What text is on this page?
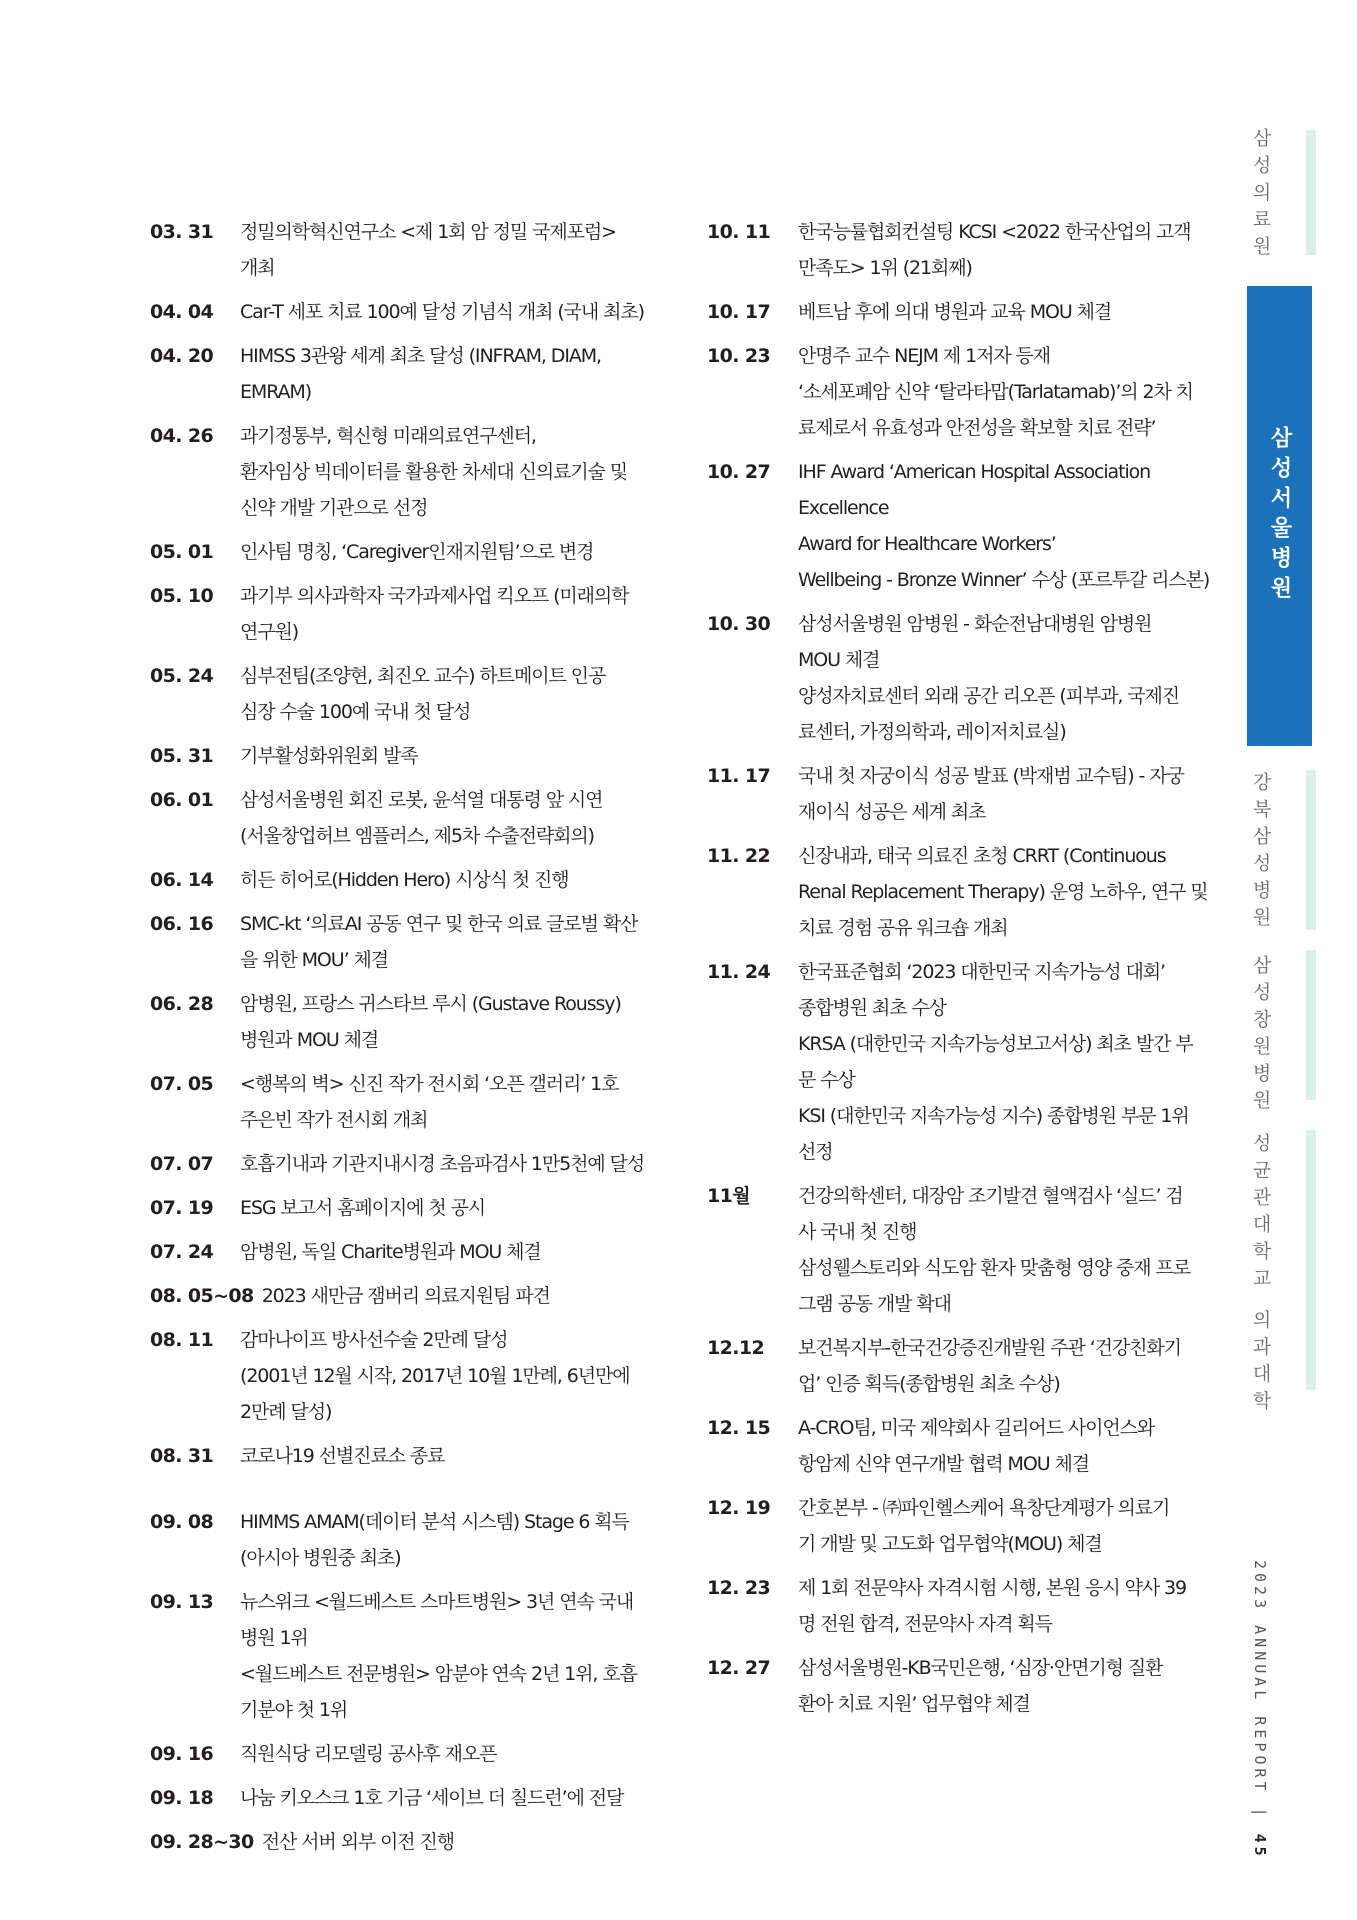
03. 31	정밀의학혁신연구소 <제 1회 암 정밀 국제포럼>
개최
04. 04	Car-T 세포 치료 100예 달성 기념식 개최 (국내 최초)
04. 20	HIMSS 3관왕 세계 최초 달성 (INFRAM, DIAM,
EMRAM)
04. 26	과기정통부, 혁신형 미래의료연구센터,
환자임상 빅데이터를 활용한 차세대 신의료기술 및
신약 개발 기관으로 선정
05. 01	인사팀 명칭, ‘Caregiver인재지원팀’으로 변경
05. 10	과기부 의사과학자 국가과제사업 킥오프 (미래의학
연구원)
05. 24	심부전팀(조양현, 최진오 교수) 하트메이트 인공
심장 수술 100예 국내 첫 달성
05. 31	기부활성화위원회 발족
06. 01	삼성서울병원 회진 로봇, 윤석열 대통령 앞 시연
(서울창업허브 엠플러스, 제5차 수출전략회의)
06. 14	히든 히어로(Hidden Hero) 시상식 첫 진행
06. 16	SMC-kt ‘의료AI 공동 연구 및 한국 의료 글로벌 확산
을 위한 MOU’ 체결
06. 28	암병원, 프랑스 귀스타브 루시 (Gustave Roussy)
병원과 MOU 체결
07. 05	<행복의 벽> 신진 작가 전시회 ‘오픈 갤러리’ 1호
주은빈 작가 전시회 개최
07. 07	호흡기내과 기관지내시경 초음파검사 1만5천예 달성
07. 19	ESG 보고서 홈페이지에 첫 공시
07. 24	암병원, 독일 Charite병원과 MOU 체결
08. 05~08 2023 새만금 잼버리 의료지원팀 파견
08. 11	감마나이프 방사선수술 2만례 달성
(2001년 12월 시작, 2017년 10월 1만례, 6년만에
2만례 달성)
08. 31	코로나19 선별진료소 종료
09. 08	HIMMS AMAM(데이터 분석 시스템) Stage 6 획득
(아시아 병원중 최초)
09. 13	뉴스위크 <월드베스트 스마트병원> 3년 연속 국내
병원 1위
<월드베스트 전문병원> 암분야 연속 2년 1위, 호흡
기분야 첫 1위
09. 16	직원식당 리모델링 공사후 재오픈
09. 18	나눔 키오스크 1호 기금 ‘세이브 더 칠드런’에 전달
09. 28~30 전산 서버 외부 이전 진행
10. 11	한국능률협회컨설팅 KCSI <2022 한국산업의 고객
만족도> 1위 (21회째)
10. 17	베트남 후에 의대 병원과 교육 MOU 체결
10. 23	안명주 교수 NEJM 제 1저자 등재
‘소세포폐암 신약 ‘탈라타맙(Tarlatamab)’의 2차 치
료제로서 유효성과 안전성을 확보할 치료 전략’
10. 27	IHF Award ‘American Hospital Association Excellence
Award for Healthcare Workers’
Wellbeing - Bronze Winner’ 수상 (포르투갈 리스본)
10. 30	삼성서울병원 암병원 - 화순전남대병원 암병원
MOU 체결
양성자치료센터 외래 공간 리오픈 (피부과, 국제진
료센터, 가정의학과, 레이저치료실)
11. 17	국내 첫 자궁이식 성공 발표 (박재범 교수팀) - 자궁
재이식 성공은 세계 최초
11. 22	신장내과, 태국 의료진 초청 CRRT (Continuous
Renal Replacement Therapy) 운영 노하우, 연구 및
치료 경험 공유 워크숍 개최
11. 24	한국표준협회 ‘2023 대한민국 지속가능성 대회’
종합병원 최초 수상
KRSA (대한민국 지속가능성보고서상) 최초 발간 부
문 수상
KSI (대한민국 지속가능성 지수) 종합병원 부문 1위
선정
11월	건강의학센터, 대장암 조기발견 혈액검사 ‘실드’ 검
사 국내 첫 진행
삼성웰스토리와 식도암 환자 맞춤형 영양 중재 프로
그램 공동 개발 확대
12.12	보건복지부-한국건강증진개발원 주관 ‘건강친화기
업’ 인증 획득(종합병원 최초 수상)
12. 15	A-CRO팀, 미국 제약회사 길리어드 사이언스와
항암제 신약 연구개발 협력 MOU 체결
12. 19	간호본부 - ㈜파인헬스케어 욕창단계평가 의료기
기 개발 및 고도화 업무협약(MOU) 체결
12. 23	제 1회 전문약사 자격시험 시행, 본원 응시 약사 39
명 전원 합격, 전문약사 자격 획득
12. 27	삼성서울병원-KB국민은행, ‘심장·안면기형 질환
환아 치료 지원’ 업무협약 체결
삼성의료원
삼성서울병원
강북삼성병원
삼성창원병원
성균관대학교 의과대학
2023 ANNUAL REPORT | 45
